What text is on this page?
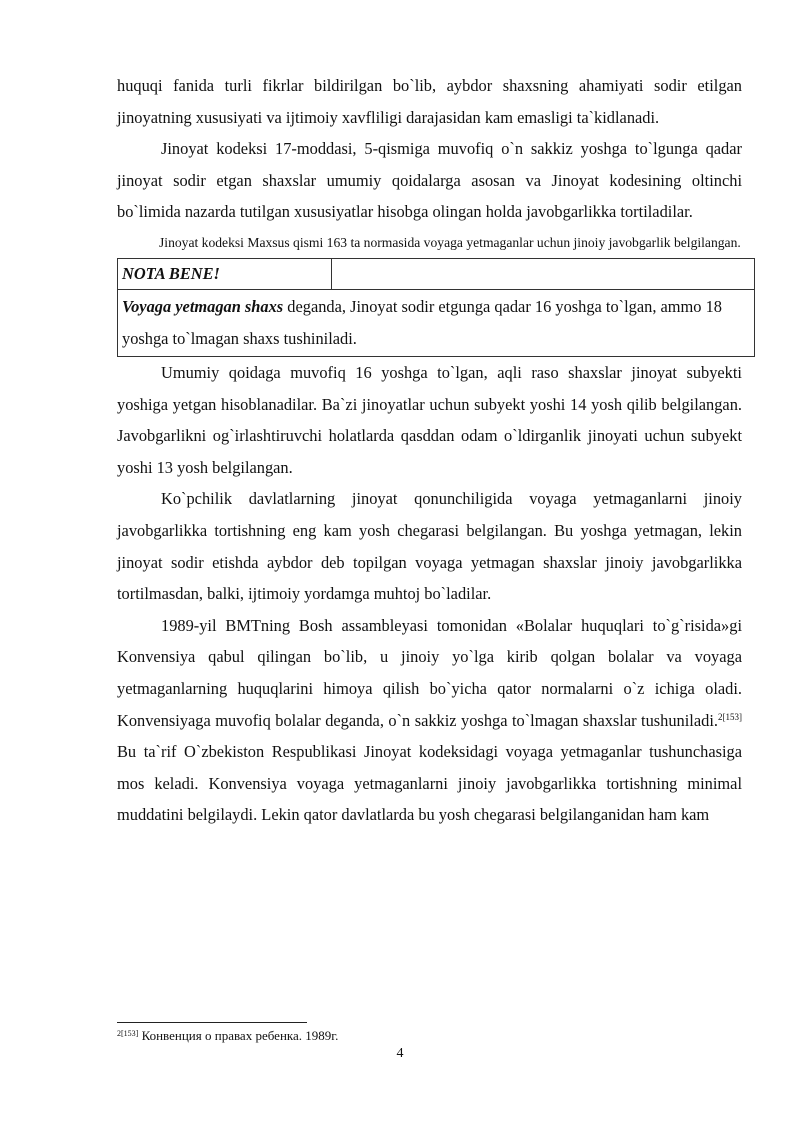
huquqi fanida turli fikrlar bildirilgan bo`lib, aybdor shaxsning ahamiyati sodir etilgan jinoyatning xususiyati va ijtimoiy xavfliligi darajasidan kam emasligi ta`kidlanadi.

Jinoyat kodeksi 17-moddasi, 5-qismiga muvofiq o`n sakkiz yoshga to`lgunga qadar jinoyat sodir etgan shaxslar umumiy qoidalarga asosan va Jinoyat kodesining oltinchi bo`limida nazarda tutilgan xususiyatlar hisobga olingan holda javobgarlikka tortiladilar.

Jinoyat kodeksi Maxsus qismi 163 ta normasida voyaga yetmaganlar uchun jinoiy javobgarlik belgilangan.

NOTA BENE!	
Voyaga yetmagan shaxs deganda, Jinoyat sodir etgunga qadar 16 yoshga to`lgan, ammo 18 yoshga to`lmagan shaxs tushiniladi.

Umumiy qoidaga muvofiq 16 yoshga to`lgan, aqli raso shaxslar jinoyat subyekti yoshiga yetgan hisoblanadilar. Ba`zi jinoyatlar uchun subyekt yoshi 14 yosh qilib belgilangan. Javobgarlikni og`irlashtiruvchi holatlarda qasddan odam o`ldirganlik jinoyati uchun subyekt yoshi 13 yosh belgilangan.

Ko`pchilik davlatlarning jinoyat qonunchiligida voyaga yetmaganlarni jinoiy javobgarlikka tortishning eng kam yosh chegarasi belgilangan. Bu yoshga yetmagan, lekin jinoyat sodir etishda aybdor deb topilgan voyaga yetmagan shaxslar jinoiy javobgarlikka tortilmasdan, balki, ijtimoiy yordamga muhtoj bo`ladilar.

1989-yil BMTning Bosh assambleyasi tomonidan «Bolalar huquqlari to`g`risida»gi Konvensiya qabul qilingan bo`lib, u jinoiy yo`lga kirib qolgan bolalar va voyaga yetmaganlarning huquqlarini himoya qilish bo`yicha qator normalarni o`z ichiga oladi. Konvensiyaga muvofiq bolalar deganda, o`n sakkiz yoshga to`lmagan shaxslar tushuniladi.$^{2[153]}$ Bu ta`rif O`zbekiston Respublikasi Jinoyat kodeksidagi voyaga yetmaganlar tushunchasiga mos keladi. Konvensiya voyaga yetmaganlarni jinoiy javobgarlikka tortishning minimal muddatini belgilaydi. Lekin qator davlatlarda bu yosh chegarasi belgilanganidan ham kam

$^{2[153]}$ Конвенция о правах ребенка. 1989г.
4
